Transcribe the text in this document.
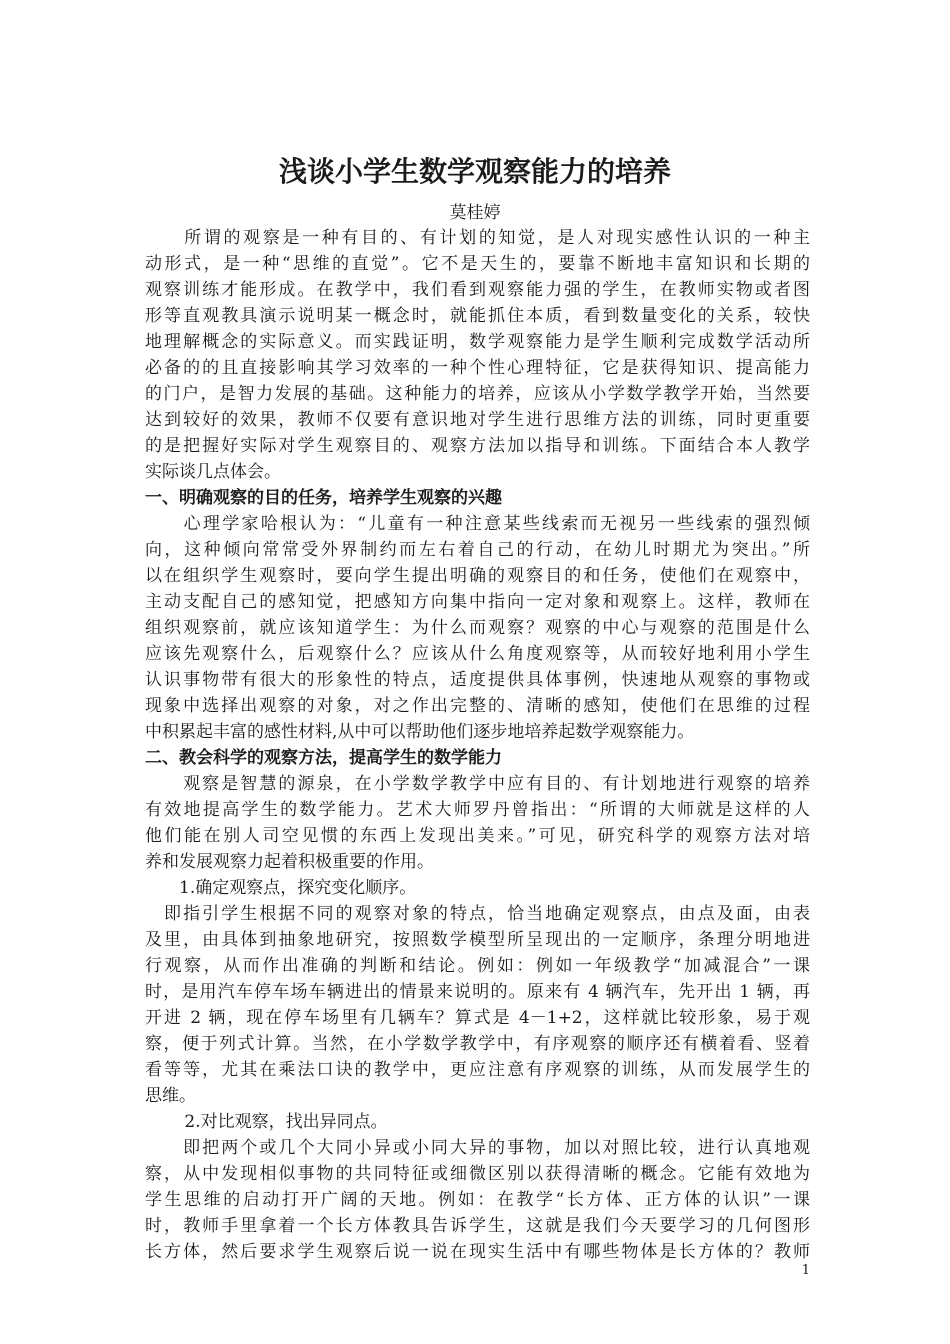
浅谈小学生数学观察能力的培养
莫桂婷
　　所谓的观察是一种有目的、有计划的知觉，是人对现实感性认识的一种主
动形式，是一种“思维的直觉”。它不是天生的，要靠不断地丰富知识和长期的
观察训练才能形成。在教学中，我们看到观察能力强的学生，在教师实物或者图
形等直观教具演示说明某一概念时，就能抓住本质，看到数量变化的关系，较快
地理解概念的实际意义。而实践证明，数学观察能力是学生顺利完成数学活动所
必备的的且直接影响其学习效率的一种个性心理特征，它是获得知识、提高能力
的门户，是智力发展的基础。这种能力的培养，应该从小学数学教学开始，当然要
达到较好的效果，教师不仅要有意识地对学生进行思维方法的训练，同时更重要
的是把握好实际对学生观察目的、观察方法加以指导和训练。下面结合本人教学
实际谈几点体会。
一、明确观察的目的任务，培养学生观察的兴趣
　　心理学家哈根认为：“儿童有一种注意某些线索而无视另一些线索的强烈倾
向，这种倾向常常受外界制约而左右着自己的行动，在幼儿时期尤为突出。”所
以在组织学生观察时，要向学生提出明确的观察目的和任务，使他们在观察中，
主动支配自己的感知觉，把感知方向集中指向一定对象和观察上。这样，教师在
组织观察前，就应该知道学生：为什么而观察？观察的中心与观察的范围是什么
应该先观察什么，后观察什么？应该从什么角度观察等，从而较好地利用小学生
认识事物带有很大的形象性的特点，适度提供具体事例，快速地从观察的事物或
现象中选择出观察的对象，对之作出完整的、清晰的感知，使他们在思维的过程
中积累起丰富的感性材料,从中可以帮助他们逐步地培养起数学观察能力。
二、教会科学的观察方法，提高学生的数学能力
　　观察是智慧的源泉，在小学数学教学中应有目的、有计划地进行观察的培养
有效地提高学生的数学能力。艺术大师罗丹曾指出：“所谓的大师就是这样的人
他们能在别人司空见惯的东西上发现出美来。”可见，研究科学的观察方法对培
养和发展观察力起着积极重要的作用。
　　1.确定观察点，探究变化顺序。
　即指引学生根据不同的观察对象的特点，恰当地确定观察点，由点及面，由表
及里，由具体到抽象地研究，按照数学模型所呈现出的一定顺序，条理分明地进
行观察，从而作出准确的判断和结论。例如：例如一年级教学“加减混合”一课
时，是用汽车停车场车辆进出的情景来说明的。原来有 4 辆汽车，先开出 1 辆，再
开进 2 辆，现在停车场里有几辆车？算式是 4－1+2，这样就比较形象，易于观
察，便于列式计算。当然，在小学数学教学中，有序观察的顺序还有横着看、竖着
看等等，尤其在乘法口诀的教学中，更应注意有序观察的训练，从而发展学生的
思维。
　　 2.对比观察，找出异同点。
　　即把两个或几个大同小异或小同大异的事物，加以对照比较，进行认真地观
察，从中发现相似事物的共同特征或细微区别以获得清晰的概念。它能有效地为
学生思维的启动打开广阔的天地。例如：在教学“长方体、正方体的认识”一课
时，教师手里拿着一个长方体教具告诉学生，这就是我们今天要学习的几何图形
长方体，然后要求学生观察后说一说在现实生活中有哪些物体是长方体的？教师
1
